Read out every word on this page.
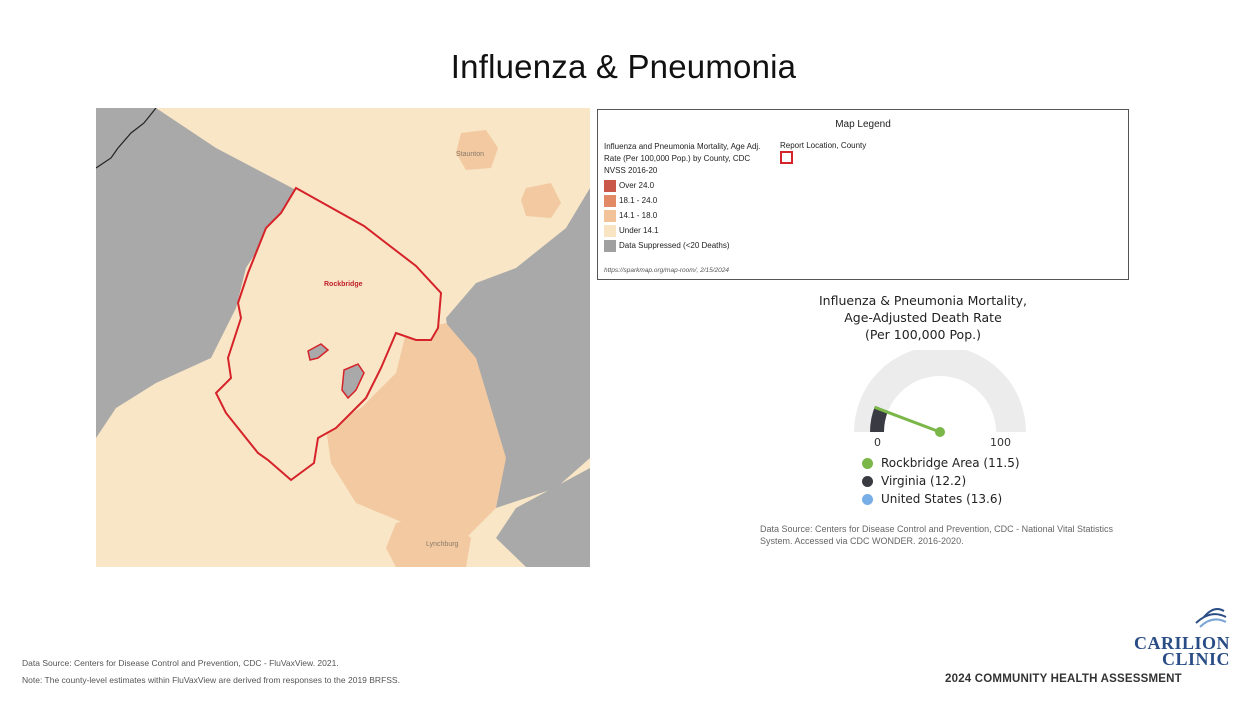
Influenza & Pneumonia
Staunton
Rockbridge
Lynchburg
Map Legend
Influenza and Pneumonia Mortality, Age Adj. Rate (Per 100,000 Pop.) by County, CDC NVSS 2016-20
Over 24.0
18.1 - 24.0
14.1 - 18.0
Under 14.1
Data Suppressed (<20 Deaths)
Report Location, County
https://sparkmap.org/map-room/, 2/15/2024
Influenza & Pneumonia Mortality,
Age-Adjusted Death Rate
(Per 100,000 Pop.)
0	100
Rockbridge Area (11.5)
Virginia (12.2)
United States (13.6)
Data Source: Centers for Disease Control and Prevention, CDC - National Vital Statistics System. Accessed via CDC WONDER. 2016-2020.
Data Source: Centers for Disease Control and Prevention, CDC - FluVaxView. 2021.
Note: The county-level estimates within FluVaxView are derived from responses to the 2019 BRFSS.
CARILION
CLINIC
2024 COMMUNITY HEALTH ASSESSMENT
